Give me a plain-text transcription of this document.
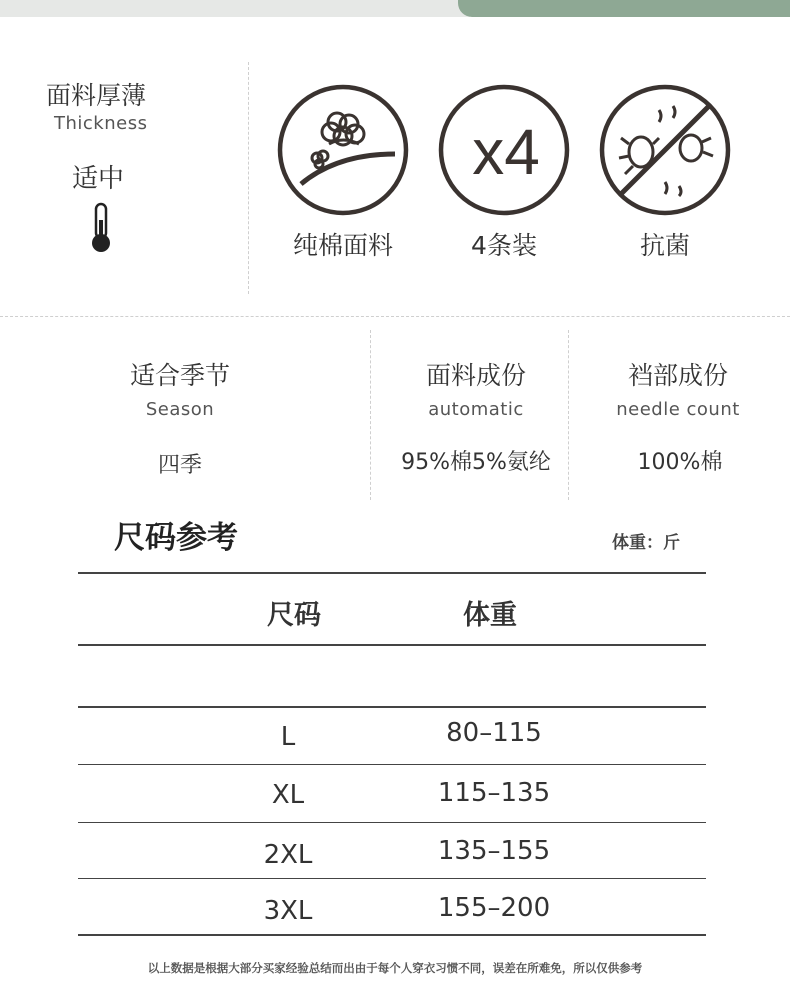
面料厚薄
Thickness
适中
纯棉面料
x4
4条装	抗菌
适合季节
Season
四季
面料成份
automatic
95%棉5%氨纶
裆部成份
needle count
100%棉
尺码参考	体重：斤
尺码	体重
L	80–115
XL	115–135
2XL	135–155
3XL	155–200
以上数据是根据大部分买家经验总结而出由于每个人穿衣习惯不同，误差在所难免，所以仅供参考
